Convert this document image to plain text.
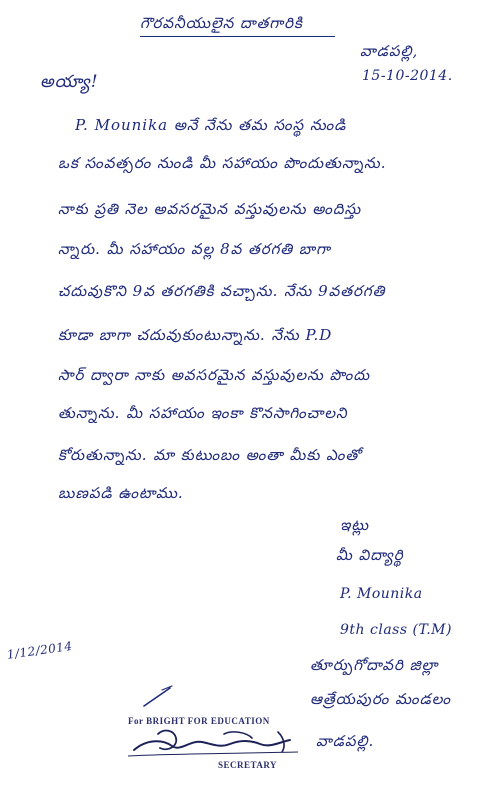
గౌరవనీయులైన దాతగారికి
వాడపల్లి,
15-10-2014.
అయ్యా!
P. Mounika అనే నేను తమ సంస్థ నుండి
ఒక సంవత్సరం నుండి మీ సహాయం పొందుతున్నాను.
నాకు ప్రతి నెల అవసరమైన వస్తువులను అందిస్తు
న్నారు. మీ సహాయం వల్ల 8వ తరగతి బాగా
చదువుకొని 9వ తరగతికి వచ్చాను. నేను 9వతరగతి
కూడా బాగా చదువుకుంటున్నాను. నేను P.D
సార్ ద్వారా నాకు అవసరమైన వస్తువులను పొందు
తున్నాను. మీ సహాయం ఇంకా కొనసాగించాలని
కోరుతున్నాను. మా కుటుంబం అంతా మీకు ఎంతో
బుణపడి ఉంటాము.
ఇట్లు
మీ విద్యార్థి
P. Mounika
9th class (T.M)
తూర్పుగోదావరి జిల్లా
ఆత్రేయపురం మండలం
వాడపల్లి.
1/12/2014
For BRIGHT FOR EDUCATION
SECRETARY
